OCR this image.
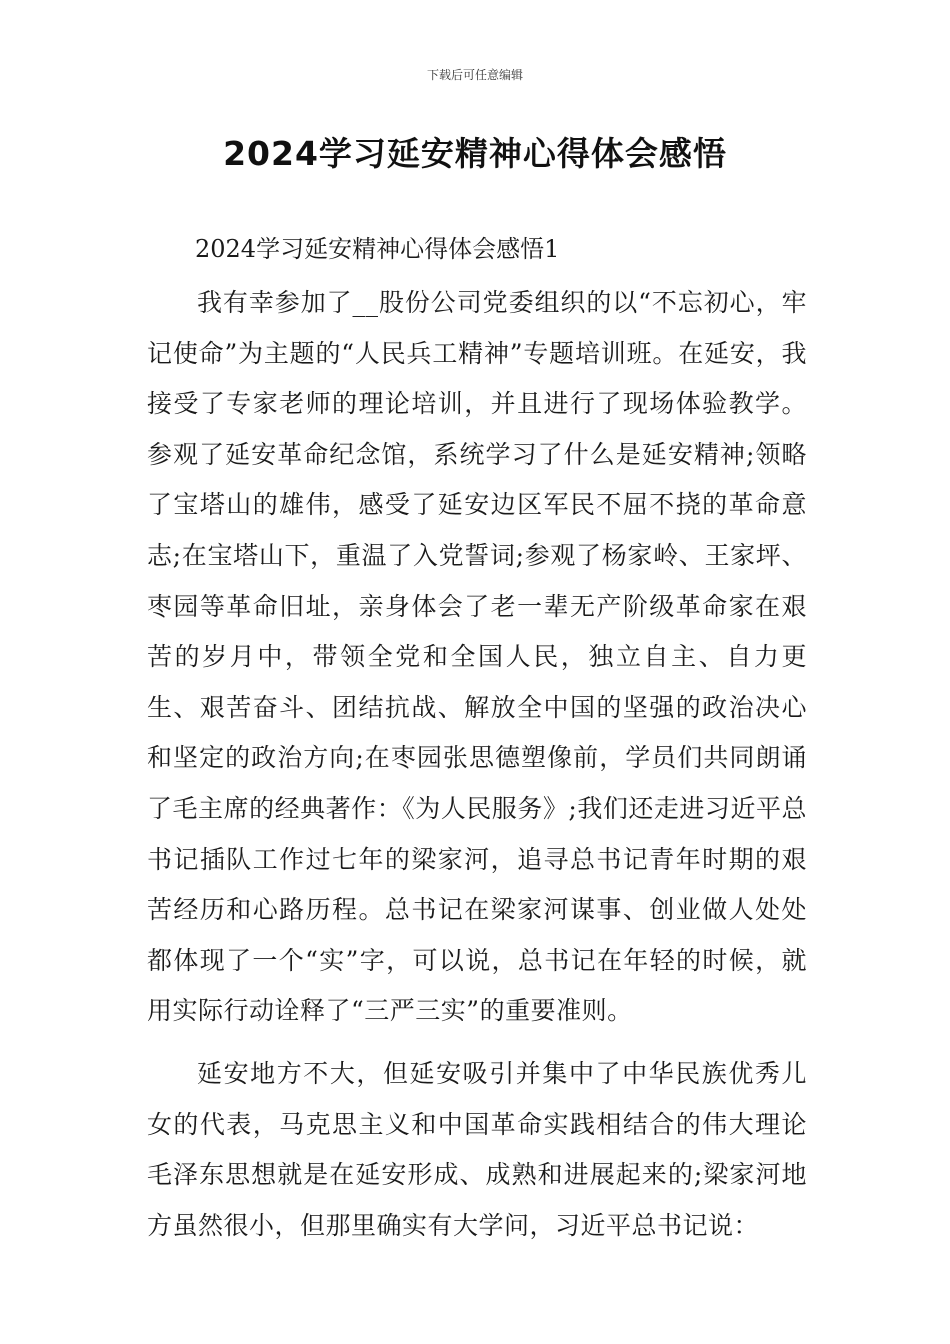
下载后可任意编辑
2024学习延安精神心得体会感悟

2024学习延安精神心得体会感悟1

我有幸参加了__股份公司党委组织的以“不忘初心，牢记使命”为主题的“人民兵工精神”专题培训班。在延安，我接受了专家老师的理论培训，并且进行了现场体验教学。参观了延安革命纪念馆，系统学习了什么是延安精神;领略了宝塔山的雄伟，感受了延安边区军民不屈不挠的革命意志;在宝塔山下，重温了入党誓词;参观了杨家岭、王家坪、枣园等革命旧址，亲身体会了老一辈无产阶级革命家在艰苦的岁月中，带领全党和全国人民，独立自主、自力更生、艰苦奋斗、团结抗战、解放全中国的坚强的政治决心和坚定的政治方向;在枣园张思德塑像前，学员们共同朗诵了毛主席的经典著作：《为人民服务》;我们还走进习近平总书记插队工作过七年的梁家河，追寻总书记青年时期的艰苦经历和心路历程。总书记在梁家河谋事、创业做人处处都体现了一个“实”字，可以说，总书记在年轻的时候，就用实际行动诠释了“三严三实”的重要准则。

延安地方不大，但延安吸引并集中了中华民族优秀儿女的代表，马克思主义和中国革命实践相结合的伟大理论毛泽东思想就是在延安形成、成熟和进展起来的;梁家河地方虽然很小，但那里确实有大学问，习近平总书记说：
